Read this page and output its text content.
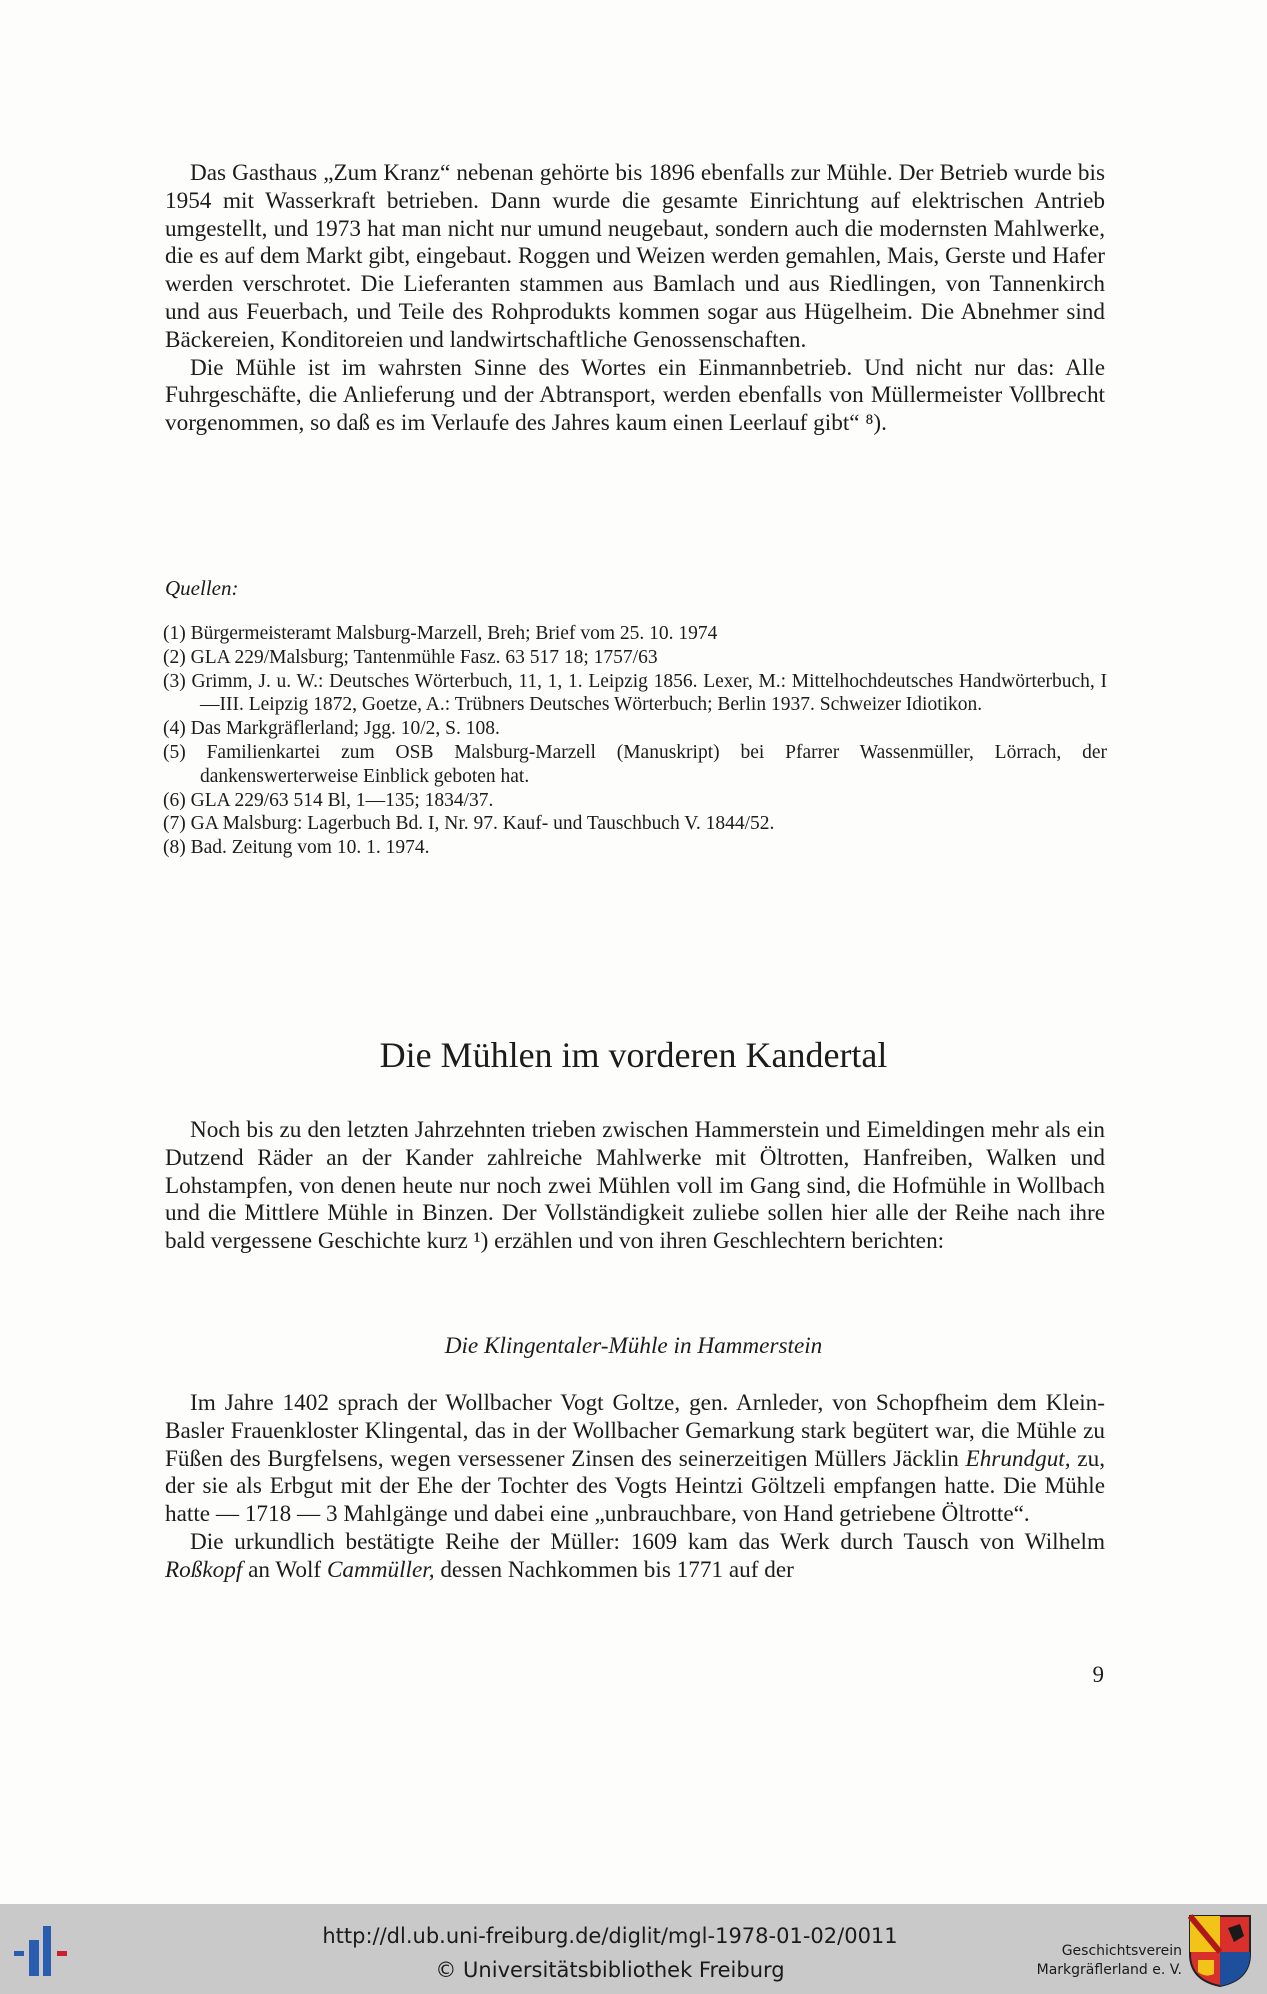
Das Gasthaus „Zum Kranz“ nebenan gehörte bis 1896 ebenfalls zur Mühle. Der Betrieb wurde bis 1954 mit Wasserkraft betrieben. Dann wurde die gesamte Einrichtung auf elektrischen Antrieb umgestellt, und 1973 hat man nicht nur umund neugebaut, sondern auch die modernsten Mahlwerke, die es auf dem Markt gibt, eingebaut. Roggen und Weizen werden gemahlen, Mais, Gerste und Hafer werden verschrotet. Die Lieferanten stammen aus Bamlach und aus Riedlingen, von Tannenkirch und aus Feuerbach, und Teile des Rohprodukts kommen sogar aus Hügelheim. Die Abnehmer sind Bäckereien, Konditoreien und landwirtschaftliche Genossenschaften.

Die Mühle ist im wahrsten Sinne des Wortes ein Einmannbetrieb. Und nicht nur das: Alle Fuhrgeschäfte, die Anlieferung und der Abtransport, werden ebenfalls von Müllermeister Vollbrecht vorgenommen, so daß es im Verlaufe des Jahres kaum einen Leerlauf gibt“ ⁸).

Quellen:
(1) Bürgermeisteramt Malsburg-Marzell, Breh; Brief vom 25. 10. 1974
(2) GLA 229/Malsburg; Tantenmühle Fasz. 63 517 18; 1757/63
(3) Grimm, J. u. W.: Deutsches Wörterbuch, 11, 1, 1. Leipzig 1856. Lexer, M.: Mittelhochdeutsches Handwörterbuch, I—III. Leipzig 1872, Goetze, A.: Trübners Deutsches Wörterbuch; Berlin 1937. Schweizer Idiotikon.
(4) Das Markgräflerland; Jgg. 10/2, S. 108.
(5) Familienkartei zum OSB Malsburg-Marzell (Manuskript) bei Pfarrer Wassenmüller, Lörrach, der dankenswerterweise Einblick geboten hat.
(6) GLA 229/63 514 Bl, 1—135; 1834/37.
(7) GA Malsburg: Lagerbuch Bd. I, Nr. 97. Kauf- und Tauschbuch V. 1844/52.
(8) Bad. Zeitung vom 10. 1. 1974.
Die Mühlen im vorderen Kandertal

Noch bis zu den letzten Jahrzehnten trieben zwischen Hammerstein und Eimeldingen mehr als ein Dutzend Räder an der Kander zahlreiche Mahlwerke mit Öltrotten, Hanfreiben, Walken und Lohstampfen, von denen heute nur noch zwei Mühlen voll im Gang sind, die Hofmühle in Wollbach und die Mittlere Mühle in Binzen. Der Vollständigkeit zuliebe sollen hier alle der Reihe nach ihre bald vergessene Geschichte kurz ¹) erzählen und von ihren Geschlechtern berichten:

Die Klingentaler-Mühle in Hammerstein

Im Jahre 1402 sprach der Wollbacher Vogt Goltze, gen. Arnleder, von Schopfheim dem Klein-Basler Frauenkloster Klingental, das in der Wollbacher Gemarkung stark begütert war, die Mühle zu Füßen des Burgfelsens, wegen versessener Zinsen des seinerzeitigen Müllers Jäcklin Ehrundgut, zu, der sie als Erbgut mit der Ehe der Tochter des Vogts Heintzi Göltzeli empfangen hatte. Die Mühle hatte — 1718 — 3 Mahlgänge und dabei eine „unbrauchbare, von Hand getriebene Öltrotte“.

Die urkundlich bestätigte Reihe der Müller: 1609 kam das Werk durch Tausch von Wilhelm Roßkopf an Wolf Cammüller, dessen Nachkommen bis 1771 auf der

9
http://dl.ub.uni-freiburg.de/diglit/mgl-1978-01-02/0011
© Universitätsbibliothek Freiburg
Geschichtsverein
Markgräflerland e. V.
